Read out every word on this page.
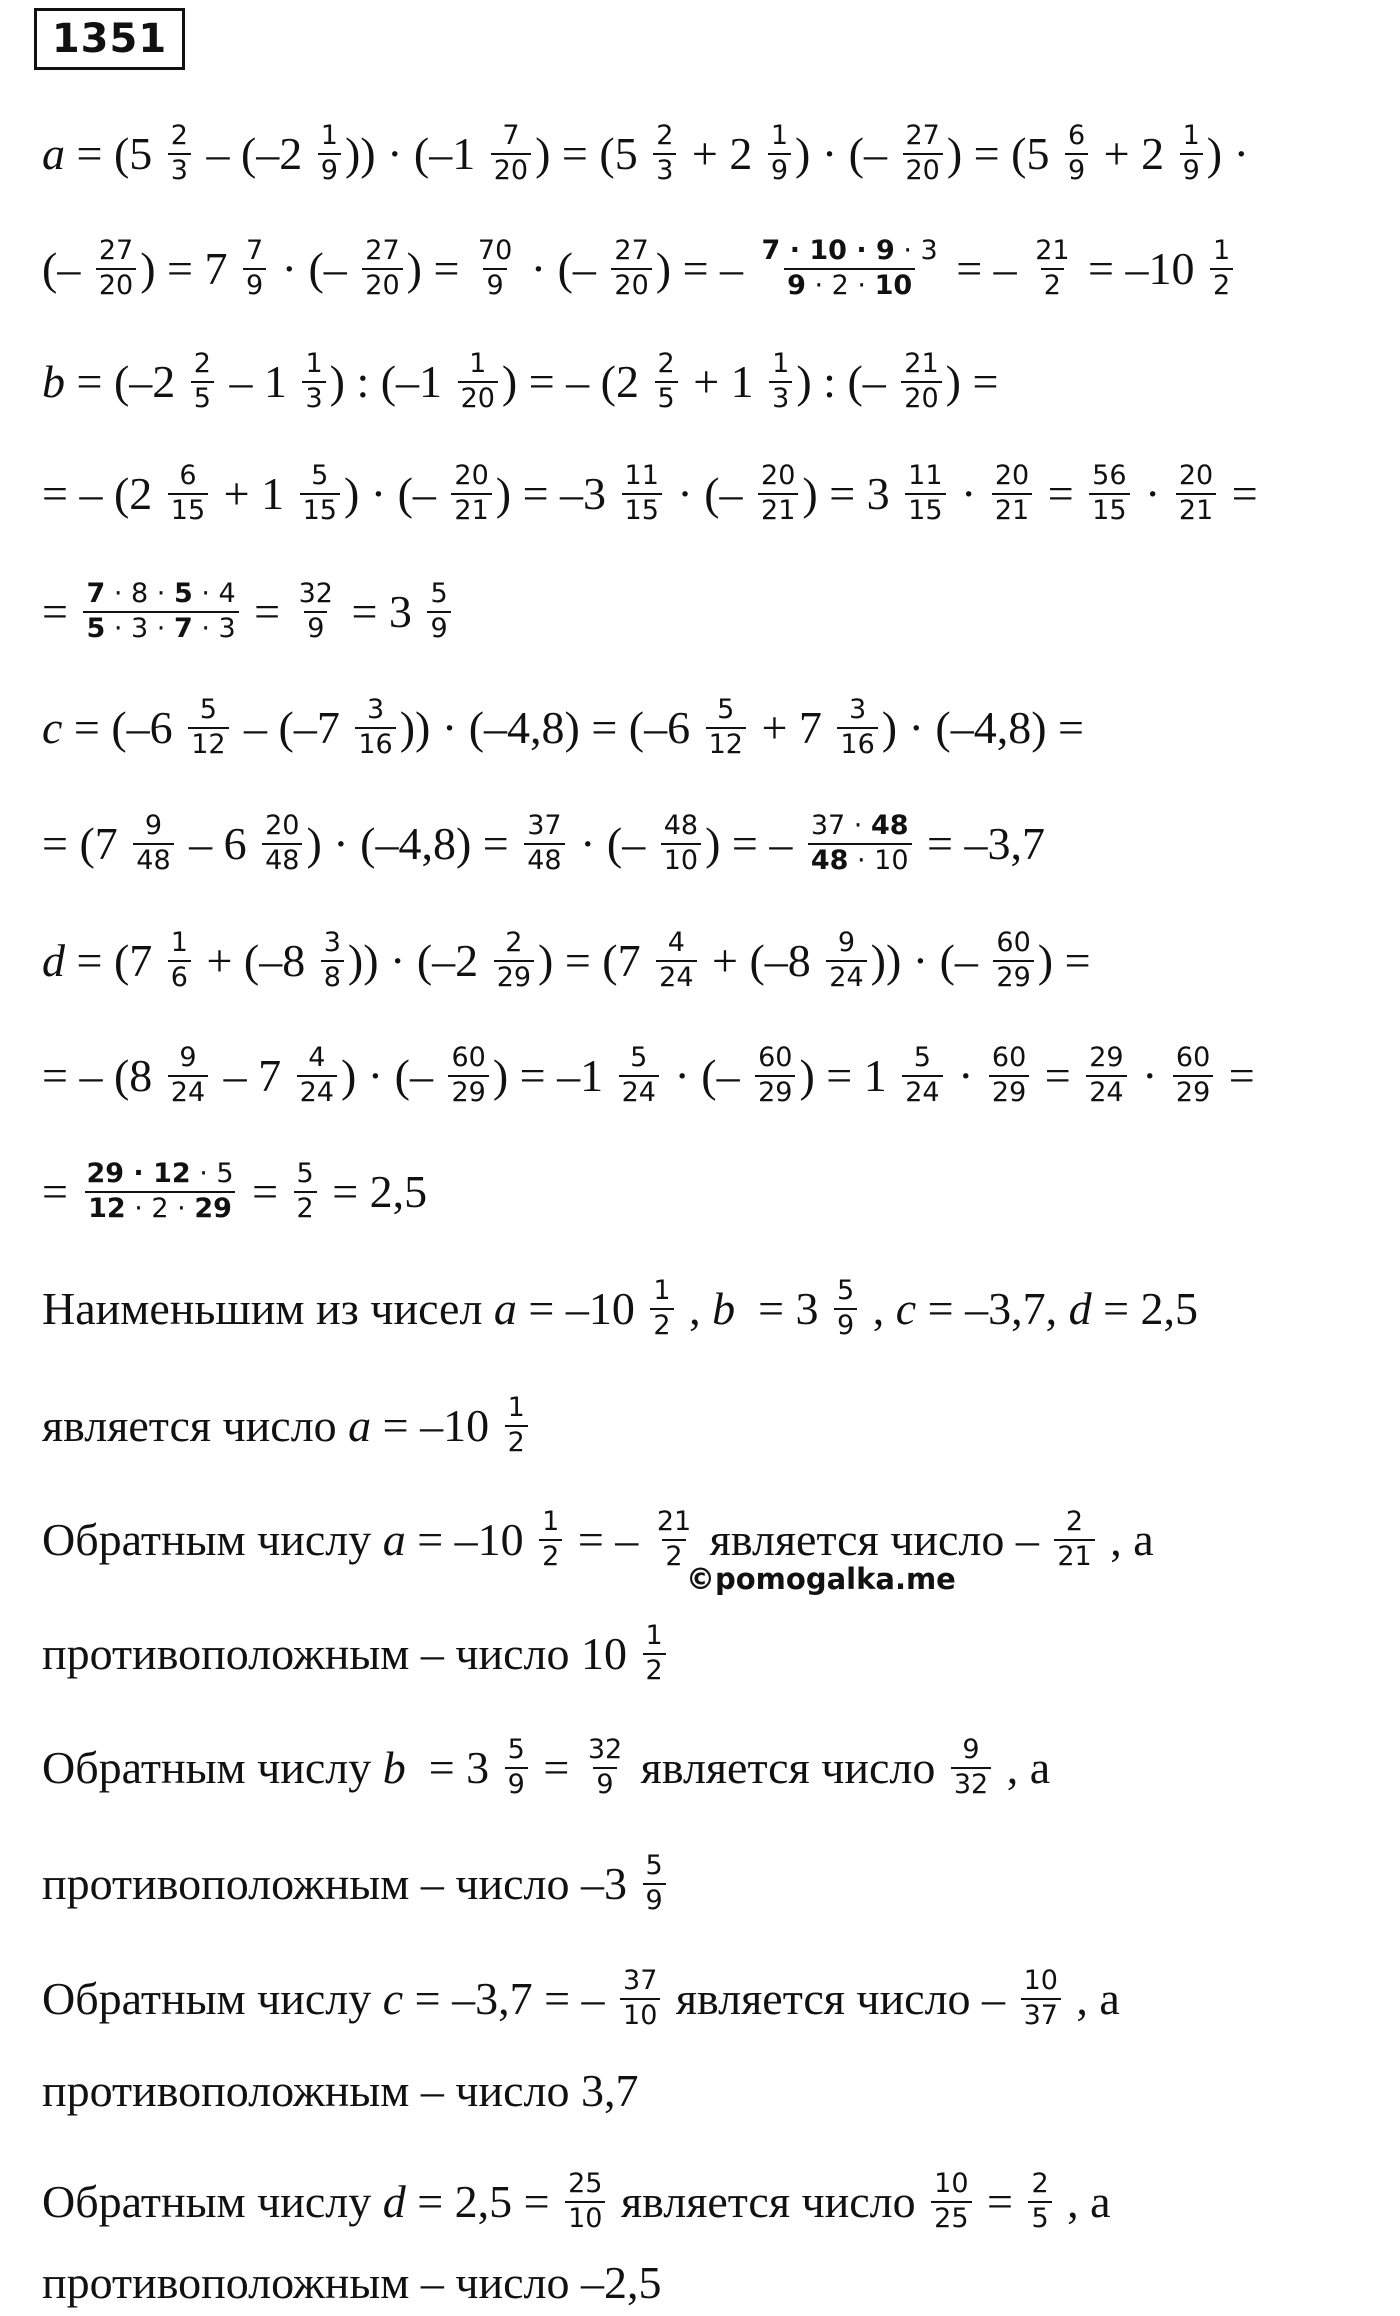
1351
$a = (5 \frac{2}{3} - (-2 \frac{1}{9}$ )) · ($-1 \frac{7}{20}$ ) = ($5 \frac{2}{3} + 2 \frac{1}{9}$ ) · (– $\frac{27}{20}$ ) = ($5 \frac{6}{9} + 2 \frac{1}{9}$ ) ·
(– $\frac{27}{20}$ ) = $7 \frac{7}{9}$ · (– $\frac{27}{20}$ ) = $\frac{70}{9}$ · (– $\frac{27}{20}$ ) = – $\frac{7 \cdot 10 \cdot 9 \cdot 3}{9 \cdot 2 \cdot 10}$ = – $\frac{21}{2} = -10 \frac{1}{2}$
$b = (-2 \frac{2}{5} - 1 \frac{1}{3}$ ) : ($-1 \frac{1}{20}$ ) = – ($2 \frac{2}{5} + 1 \frac{1}{3}$ ) : (– $\frac{21}{20}$ ) =
= – ($2 \frac{6}{15} + 1 \frac{5}{15}$ ) · (– $\frac{20}{21}$ ) = $-3 \frac{11}{15}$ · (– $\frac{20}{21}$ ) = $3 \frac{11}{15} \cdot \frac{20}{21} = \frac{56}{15} \cdot \frac{20}{21}$ =
= $\frac{7 \cdot 8 \cdot 5 \cdot 4}{5 \cdot 3 \cdot 7 \cdot 3} = \frac{32}{9} = 3 \frac{5}{9}$
$c = (-6 \frac{5}{12} - (-7 \frac{3}{16}$ )) · $(-4,8) = (-6 \frac{5}{12} + 7 \frac{3}{16}$ ) · (–4,8) =
= ($7 \frac{9}{48} - 6 \frac{20}{48}$ ) · $(-4,8) = \frac{37}{48}$ · (– $\frac{48}{10}$ ) = – $\frac{37 \cdot 48}{48 \cdot 10} = -3,7$
$d = (7 \frac{1}{6} + (-8 \frac{3}{8}$ )) · ($-2 \frac{2}{29}$ ) = ($7 \frac{4}{24} + (-8 \frac{9}{24}$ )) · (– $\frac{60}{29}$ ) =
= – ($8 \frac{9}{24} - 7 \frac{4}{24}$ ) · (– $\frac{60}{29}$ ) = $-1 \frac{5}{24}$ · (– $\frac{60}{29}$ ) = $1 \frac{5}{24} \cdot \frac{60}{29} = \frac{29}{24} \cdot \frac{60}{29}$ =
= $\frac{29 \cdot 12 \cdot 5}{12 \cdot 2 \cdot 29} = \frac{5}{2} = 2,5$
Наименьшим из чисел $a = -10 \frac{1}{2}$ , $b = 3 \frac{5}{9}$ , c = –3,7, d = 2,5
является число $a = -10 \frac{1}{2}$
Обратным числу $a = -10 \frac{1}{2}$ = – $\frac{21}{2}$ является число – $\frac{2}{21}$ , а
противоположным – число $10 \frac{1}{2}$
Обратным числу $b = 3 \frac{5}{9} = \frac{32}{9}$ является число $\frac{9}{32}$ , а
противоположным – число $-3 \frac{5}{9}$
Обратным числу c = –3,7 = – $\frac{37}{10}$ является число – $\frac{10}{37}$ , а
противоположным – число 3,7
Обратным числу $d = 2,5 = \frac{25}{10}$ является число $\frac{10}{25} = \frac{2}{5}$ , а
противоположным – число –2,5
©pomogalka.me
